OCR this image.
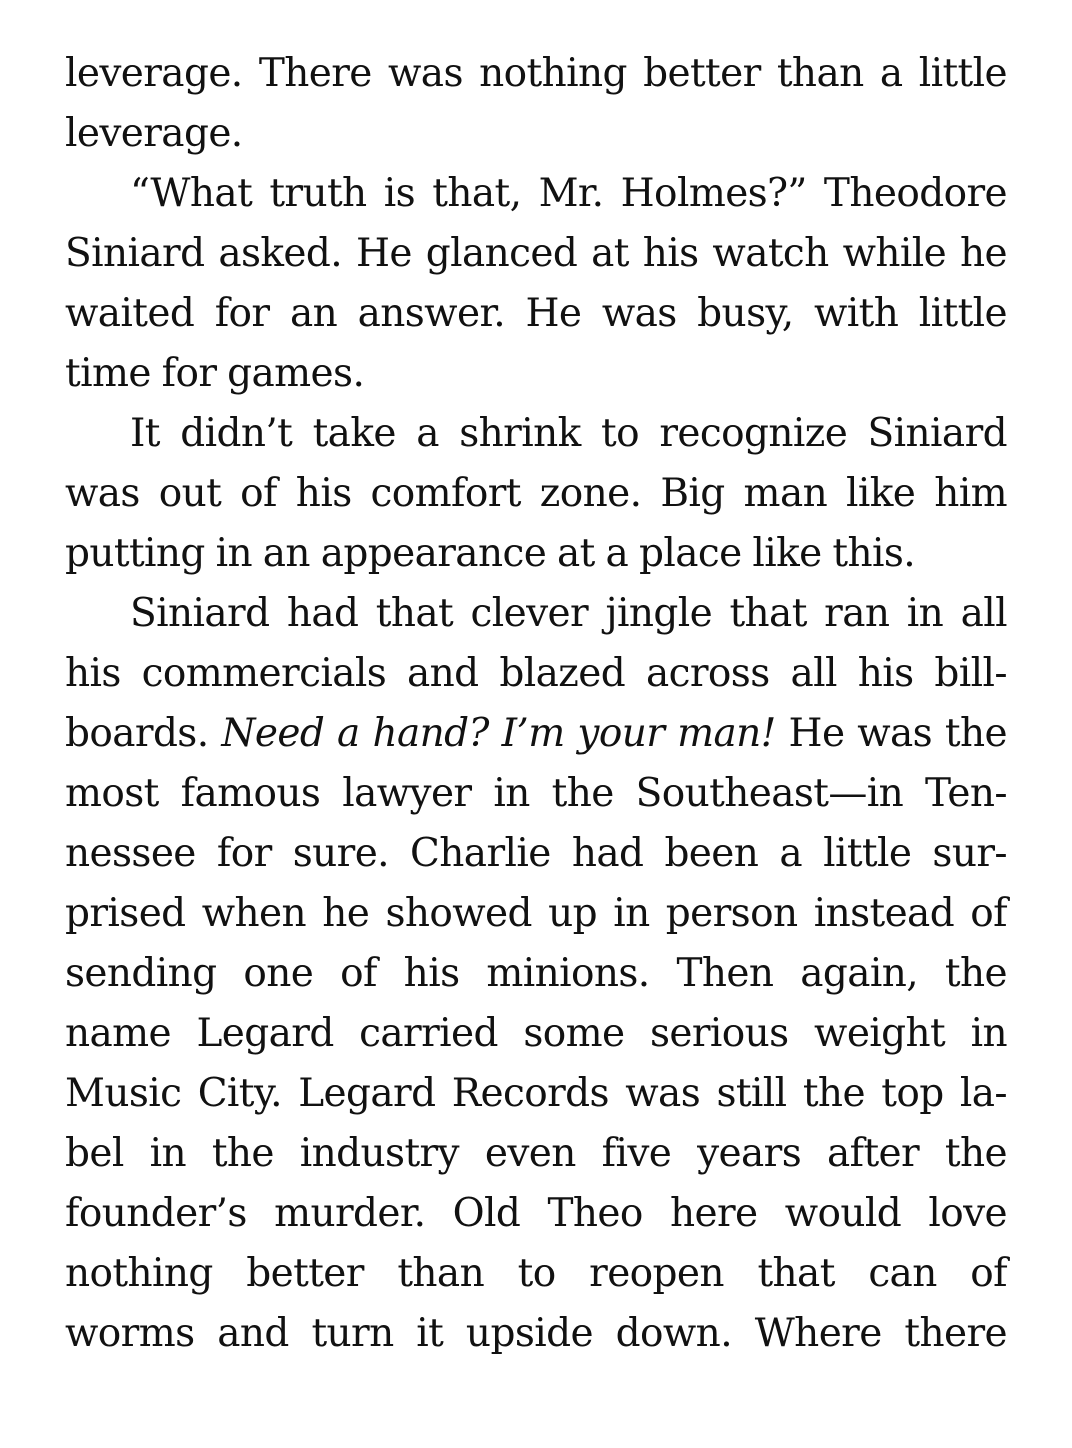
leverage. There was nothing better than a little
leverage.
“What truth is that, Mr. Holmes?” Theodore
Siniard asked. He glanced at his watch while he
waited for an answer. He was busy, with little
time for games.
It didn’t take a shrink to recognize Siniard
was out of his comfort zone. Big man like him
putting in an appearance at a place like this.
Siniard had that clever jingle that ran in all
his commercials and blazed across all his bill-
boards. Need a hand? I’m your man! He was the
most famous lawyer in the Southeast—in Ten-
nessee for sure. Charlie had been a little sur-
prised when he showed up in person instead of
sending one of his minions. Then again, the
name Legard carried some serious weight in
Music City. Legard Records was still the top la-
bel in the industry even five years after the
founder’s murder. Old Theo here would love
nothing better than to reopen that can of
worms and turn it upside down. Where there
